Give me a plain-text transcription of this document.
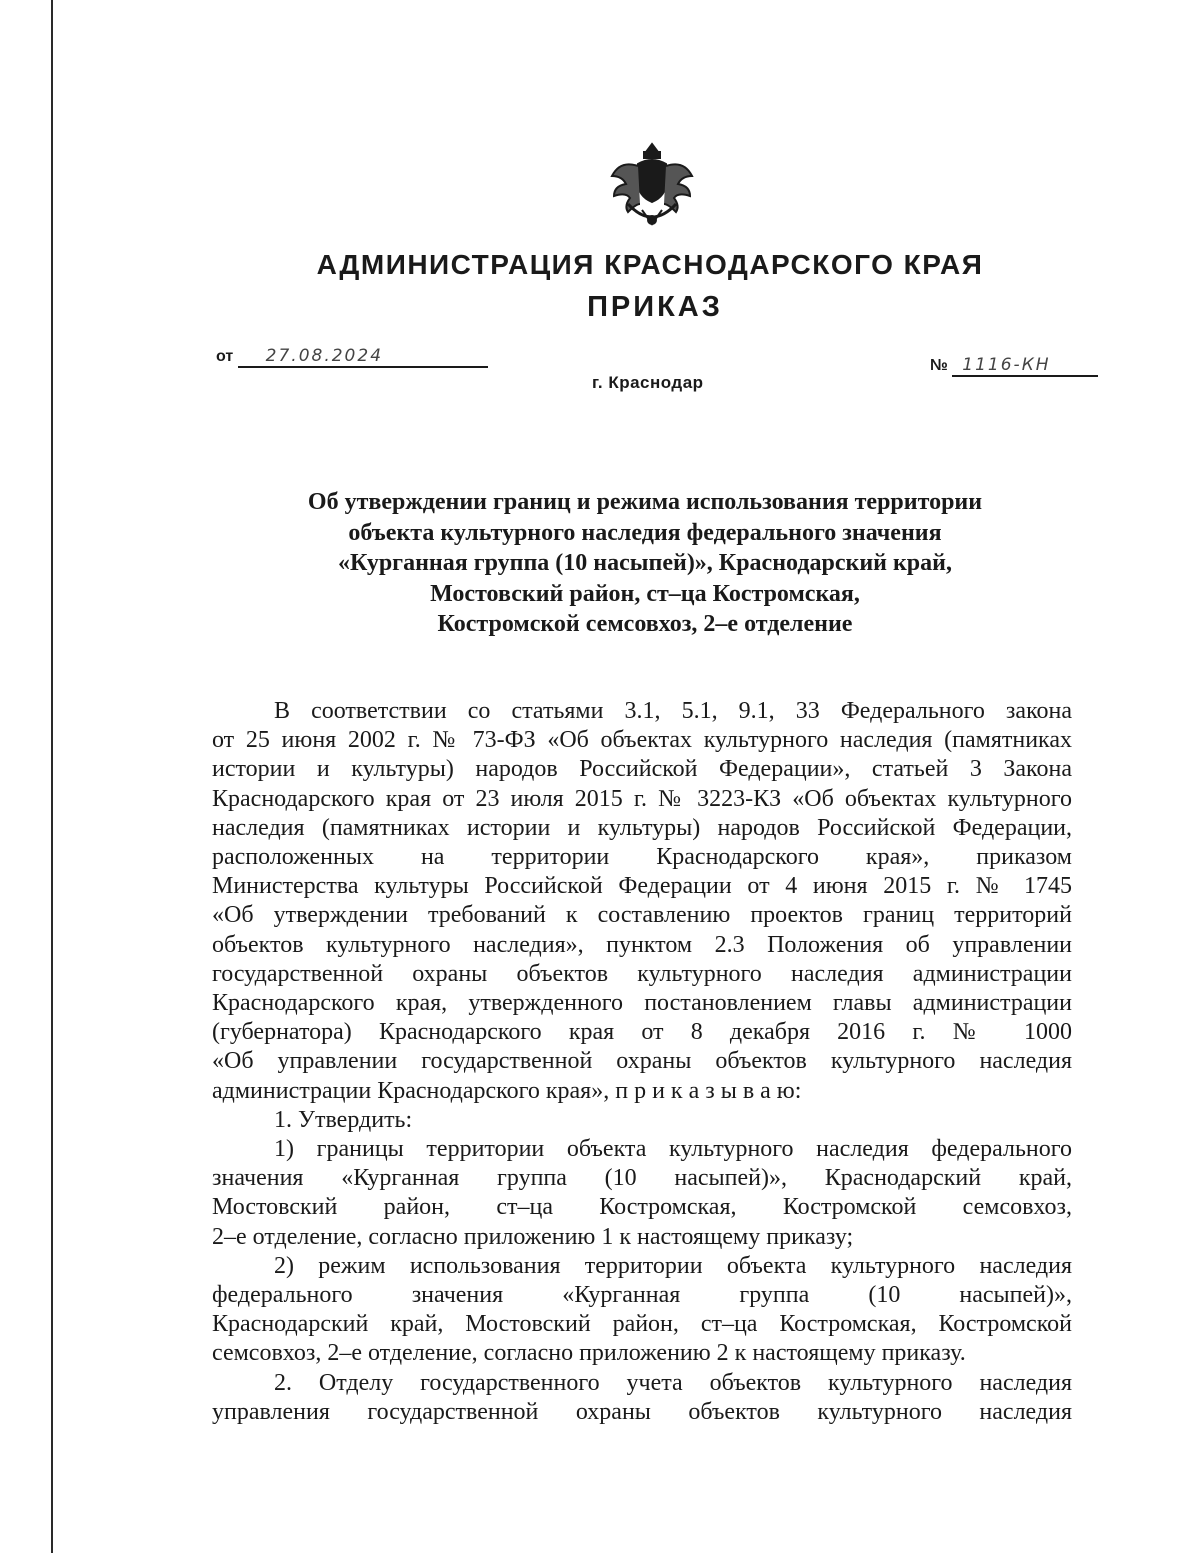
АДМИНИСТРАЦИЯ КРАСНОДАРСКОГО КРАЯ
ПРИКАЗ
от 27.08.2024	№ 1116-КН
г. Краснодар
Об утверждении границ и режима использования территории
объекта культурного наследия федерального значения
«Курганная группа (10 насыпей)», Краснодарский край,
Мостовский район, ст–ца Костромская,
Костромской семсовхоз, 2–е отделение

В соответствии со статьями 3.1, 5.1, 9.1, 33 Федерального закона

от 25 июня 2002 г. № 73-ФЗ «Об объектах культурного наследия (памятниках

истории и культуры) народов Российской Федерации», статьей 3 Закона

Краснодарского края от 23 июля 2015 г. № 3223-КЗ «Об объектах культурного

наследия (памятниках истории и культуры) народов Российской Федерации,

расположенных на территории Краснодарского края», приказом

Министерства культуры Российской Федерации от 4 июня 2015 г. № 1745

«Об утверждении требований к составлению проектов границ территорий

объектов культурного наследия», пунктом 2.3 Положения об управлении

государственной охраны объектов культурного наследия администрации

Краснодарского края, утвержденного постановлением главы администрации

(губернатора) Краснодарского края от 8 декабря 2016 г. № 1000

«Об управлении государственной охраны объектов культурного наследия

администрации Краснодарского края», п р и к а з ы в а ю:

1. Утвердить:

1) границы территории объекта культурного наследия федерального

значения «Курганная группа (10 насыпей)», Краснодарский край,

Мостовский район, ст–ца Костромская, Костромской семсовхоз,

2–е отделение, согласно приложению 1 к настоящему приказу;

2) режим использования территории объекта культурного наследия

федерального значения «Курганная группа (10 насыпей)»,

Краснодарский край, Мостовский район, ст–ца Костромская, Костромской

семсовхоз, 2–е отделение, согласно приложению 2 к настоящему приказу.

2. Отделу государственного учета объектов культурного наследия

управления государственной охраны объектов культурного наследия
